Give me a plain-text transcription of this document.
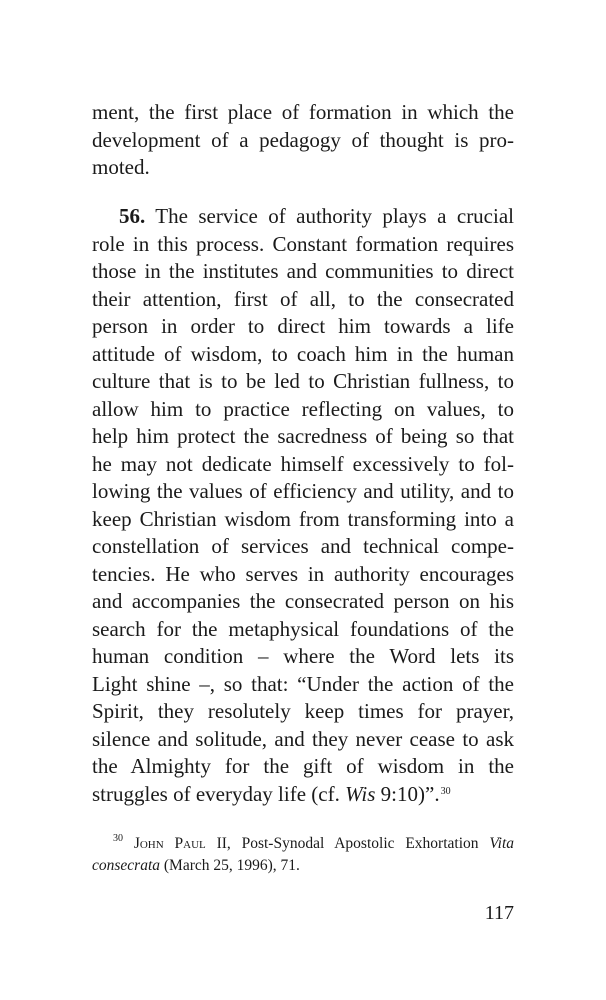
ment, the first place of formation in which the
development of a pedagogy of thought is pro-
moted.
56. The service of authority plays a crucial
role in this process. Constant formation requires
those in the institutes and communities to direct
their attention, first of all, to the consecrated
person in order to direct him towards a life
attitude of wisdom, to coach him in the human
culture that is to be led to Christian fullness, to
allow him to practice reflecting on values, to
help him protect the sacredness of being so that
he may not dedicate himself excessively to fol-
lowing the values of efficiency and utility, and to
keep Christian wisdom from transforming into a
constellation of services and technical compe-
tencies. He who serves in authority encourages
and accompanies the consecrated person on his
search for the metaphysical foundations of the
human condition – where the Word lets its
Light shine –, so that: “Under the action of the
Spirit, they resolutely keep times for prayer,
silence and solitude, and they never cease to ask
the Almighty for the gift of wisdom in the
struggles of everyday life (cf. Wis 9:10)”.$^{30}$
$^{30}$ John Paul II, Post-Synodal Apostolic Exhortation Vita
consecrata (March 25, 1996), 71.
117
